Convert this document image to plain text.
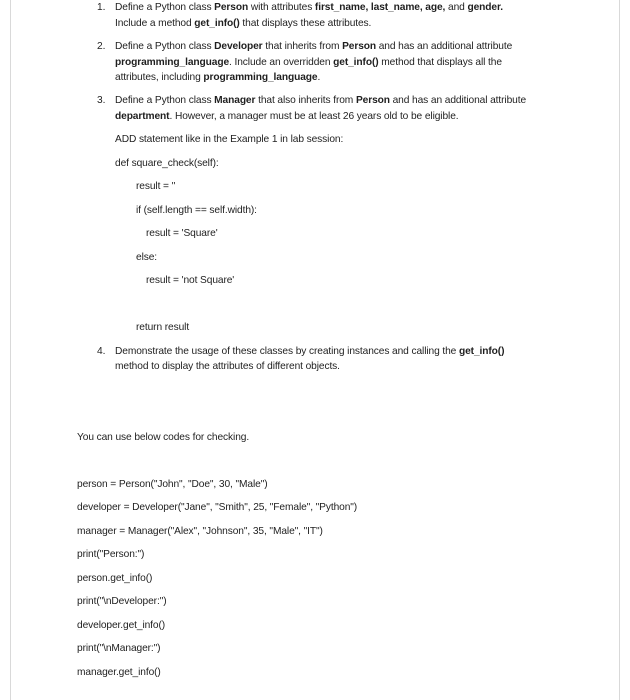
1. Define a Python class Person with attributes first_name, last_name, age, and gender.
Include a method get_info() that displays these attributes.
2. Define a Python class Developer that inherits from Person and has an additional attribute
programming_language. Include an overridden get_info() method that displays all the
attributes, including programming_language.
3. Define a Python class Manager that also inherits from Person and has an additional attribute
department. However, a manager must be at least 26 years old to be eligible.
ADD statement like in the Example 1 in lab session:
def square_check(self):
result = ''
if (self.length == self.width):
result = 'Square'
else:
result = 'not Square'
return result
4. Demonstrate the usage of these classes by creating instances and calling the get_info()
method to display the attributes of different objects.
You can use below codes for checking.
person = Person("John", "Doe", 30, "Male")
developer = Developer("Jane", "Smith", 25, "Female", "Python")
manager = Manager("Alex", "Johnson", 35, "Male", "IT")
print("Person:")
person.get_info()
print("\nDeveloper:")
developer.get_info()
print("\nManager:")
manager.get_info()
